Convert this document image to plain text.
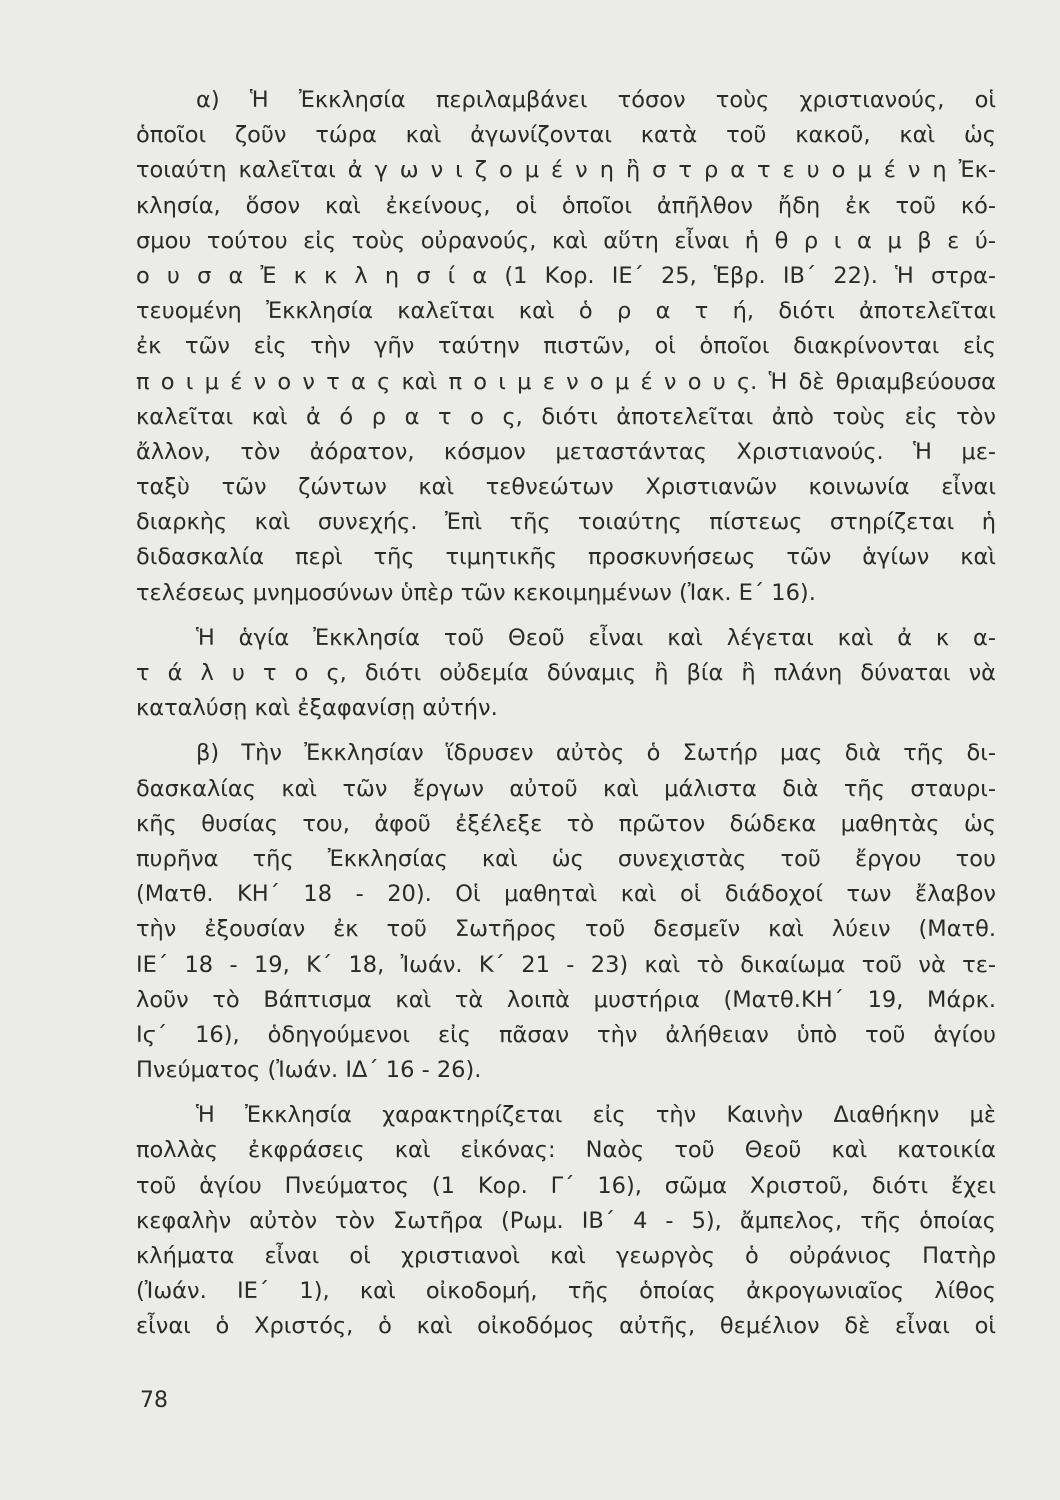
α) Ἡ Ἐκκλησία περιλαμβάνει τόσον τοὺς χριστιανούς, οἱ
ὁποῖοι ζοῦν τώρα καὶ ἀγωνίζονται κατὰ τοῦ κακοῦ, καὶ ὡς
τοιαύτη καλεῖται ἀ γ ω ν ι ζ ο μ έ ν η ἢ σ τ ρ α τ ε υ ο μ έ ν η Ἐκ-
κλησία, ὅσον καὶ ἐκείνους, οἱ ὁποῖοι ἀπῆλθον ἤδη ἐκ τοῦ κό-
σμου τούτου εἰς τοὺς οὐρανούς, καὶ αὕτη εἶναι ἡ θ ρ ι α μ β ε ύ-
ο υ σ α Ἐ κ κ λ η σ ί α (1 Κορ. ΙΕ΄ 25, Ἑβρ. ΙΒ΄ 22). Ἡ στρα-
τευομένη Ἐκκλησία καλεῖται καὶ ὁ ρ α τ ή, διότι ἀποτελεῖται
ἐκ τῶν εἰς τὴν γῆν ταύτην πιστῶν, οἱ ὁποῖοι διακρίνονται εἰς
π ο ι μ έ ν ο ν τ α ς καὶ π ο ι μ ε ν ο μ έ ν ο υ ς. Ἡ δὲ θριαμβεύουσα
καλεῖται καὶ ἀ ό ρ α τ ο ς, διότι ἀποτελεῖται ἀπὸ τοὺς εἰς τὸν
ἄλλον, τὸν ἀόρατον, κόσμον μεταστάντας Χριστιανούς. Ἡ με-
ταξὺ τῶν ζώντων καὶ τεθνεώτων Χριστιανῶν κοινωνία εἶναι
διαρκὴς καὶ συνεχής. Ἐπὶ τῆς τοιαύτης πίστεως στηρίζεται ἡ
διδασκαλία περὶ τῆς τιμητικῆς προσκυνήσεως τῶν ἁγίων καὶ
τελέσεως μνημοσύνων ὑπὲρ τῶν κεκοιμημένων (Ἰακ. Ε΄ 16).
Ἡ ἁγία Ἐκκλησία τοῦ Θεοῦ εἶναι καὶ λέγεται καὶ ἀ κ α-
τ ά λ υ τ ο ς, διότι οὐδεμία δύναμις ἢ βία ἢ πλάνη δύναται νὰ
καταλύσῃ καὶ ἐξαφανίσῃ αὐτήν.
β) Τὴν Ἐκκλησίαν ἵδρυσεν αὐτὸς ὁ Σωτήρ μας διὰ τῆς δι-
δασκαλίας καὶ τῶν ἔργων αὐτοῦ καὶ μάλιστα διὰ τῆς σταυρι-
κῆς θυσίας του, ἀφοῦ ἐξέλεξε τὸ πρῶτον δώδεκα μαθητὰς ὡς
πυρῆνα τῆς Ἐκκλησίας καὶ ὡς συνεχιστὰς τοῦ ἔργου του
(Ματθ. ΚΗ΄ 18 - 20). Οἱ μαθηταὶ καὶ οἱ διάδοχοί των ἔλαβον
τὴν ἐξουσίαν ἐκ τοῦ Σωτῆρος τοῦ δεσμεῖν καὶ λύειν (Ματθ.
ΙΕ΄ 18 - 19, Κ΄ 18, Ἰωάν. Κ΄ 21 - 23) καὶ τὸ δικαίωμα τοῦ νὰ τε-
λοῦν τὸ Βάπτισμα καὶ τὰ λοιπὰ μυστήρια (Ματθ.ΚΗ΄ 19, Μάρκ.
Ιϛ΄ 16), ὁδηγούμενοι εἰς πᾶσαν τὴν ἀλήθειαν ὑπὸ τοῦ ἁγίου
Πνεύματος (Ἰωάν. ΙΔ΄ 16 - 26).
Ἡ Ἐκκλησία χαρακτηρίζεται εἰς τὴν Καινὴν Διαθήκην μὲ
πολλὰς ἐκφράσεις καὶ εἰκόνας: Ναὸς τοῦ Θεοῦ καὶ κατοικία
τοῦ ἁγίου Πνεύματος (1 Κορ. Γ΄ 16), σῶμα Χριστοῦ, διότι ἔχει
κεφαλὴν αὐτὸν τὸν Σωτῆρα (Ρωμ. ΙΒ΄ 4 - 5), ἄμπελος, τῆς ὁποίας
κλήματα εἶναι οἱ χριστιανοὶ καὶ γεωργὸς ὁ οὐράνιος Πατὴρ
(Ἰωάν. ΙΕ΄ 1), καὶ οἰκοδομή, τῆς ὁποίας ἀκρογωνιαῖος λίθος
εἶναι ὁ Χριστός, ὁ καὶ οἰκοδόμος αὐτῆς, θεμέλιον δὲ εἶναι οἱ
78
